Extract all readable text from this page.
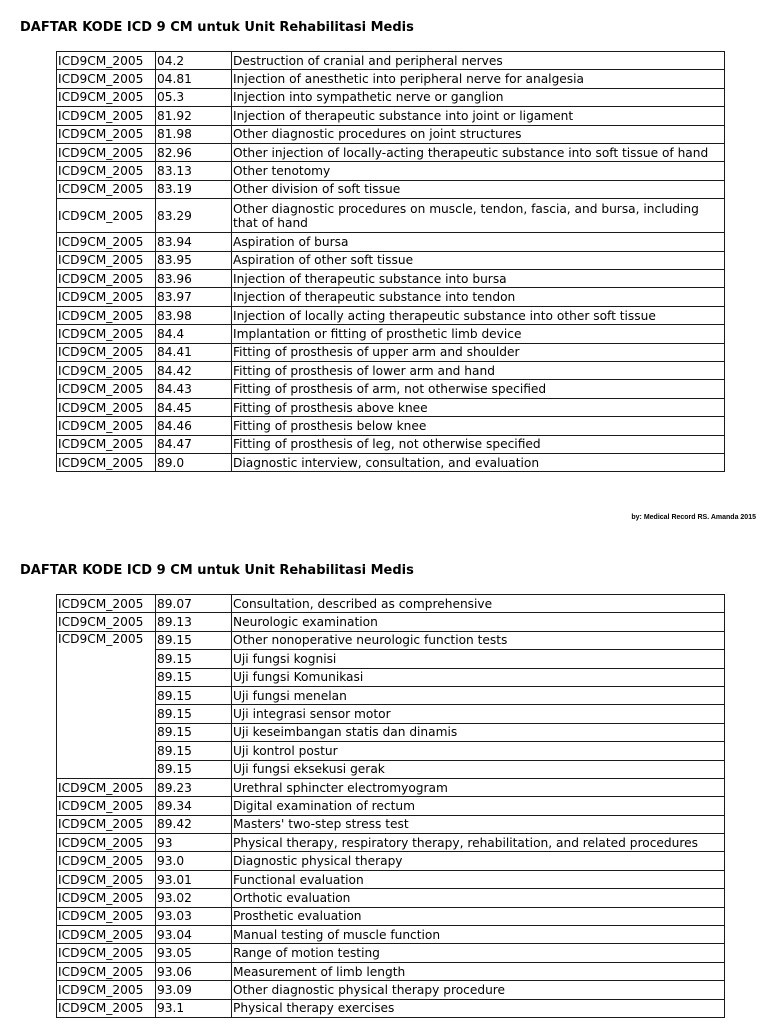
DAFTAR KODE ICD 9 CM untuk Unit Rehabilitasi Medis
ICD9CM_2005	04.2	Destruction of cranial and peripheral nerves
ICD9CM_2005	04.81	Injection of anesthetic into peripheral nerve for analgesia
ICD9CM_2005	05.3	Injection into sympathetic nerve or ganglion
ICD9CM_2005	81.92	Injection of therapeutic substance into joint or ligament
ICD9CM_2005	81.98	Other diagnostic procedures on joint structures
ICD9CM_2005	82.96	Other injection of locally-acting therapeutic substance into soft tissue of hand
ICD9CM_2005	83.13	Other tenotomy
ICD9CM_2005	83.19	Other division of soft tissue
ICD9CM_2005	83.29	Other diagnostic procedures on muscle, tendon, fascia, and bursa, including that of hand
ICD9CM_2005	83.94	Aspiration of bursa
ICD9CM_2005	83.95	Aspiration of other soft tissue
ICD9CM_2005	83.96	Injection of therapeutic substance into bursa
ICD9CM_2005	83.97	Injection of therapeutic substance into tendon
ICD9CM_2005	83.98	Injection of locally acting therapeutic substance into other soft tissue
ICD9CM_2005	84.4	Implantation or fitting of prosthetic limb device
ICD9CM_2005	84.41	Fitting of prosthesis of upper arm and shoulder
ICD9CM_2005	84.42	Fitting of prosthesis of lower arm and hand
ICD9CM_2005	84.43	Fitting of prosthesis of arm, not otherwise specified
ICD9CM_2005	84.45	Fitting of prosthesis above knee
ICD9CM_2005	84.46	Fitting of prosthesis below knee
ICD9CM_2005	84.47	Fitting of prosthesis of leg, not otherwise specified
ICD9CM_2005	89.0	Diagnostic interview, consultation, and evaluation

by: Medical Record RS. Amanda 2015

DAFTAR KODE ICD 9 CM untuk Unit Rehabilitasi Medis
ICD9CM_2005	89.07	Consultation, described as comprehensive
ICD9CM_2005	89.13	Neurologic examination
ICD9CM_2005	89.15	Other nonoperative neurologic function tests
	89.15	Uji fungsi kognisi
	89.15	Uji fungsi Komunikasi
	89.15	Uji fungsi menelan
	89.15	Uji integrasi sensor motor
	89.15	Uji keseimbangan statis dan dinamis
	89.15	Uji kontrol postur
	89.15	Uji fungsi eksekusi gerak
ICD9CM_2005	89.23	Urethral sphincter electromyogram
ICD9CM_2005	89.34	Digital examination of rectum
ICD9CM_2005	89.42	Masters' two-step stress test
ICD9CM_2005	93	Physical therapy, respiratory therapy, rehabilitation, and related procedures
ICD9CM_2005	93.0	Diagnostic physical therapy
ICD9CM_2005	93.01	Functional evaluation
ICD9CM_2005	93.02	Orthotic evaluation
ICD9CM_2005	93.03	Prosthetic evaluation
ICD9CM_2005	93.04	Manual testing of muscle function
ICD9CM_2005	93.05	Range of motion testing
ICD9CM_2005	93.06	Measurement of limb length
ICD9CM_2005	93.09	Other diagnostic physical therapy procedure
ICD9CM_2005	93.1	Physical therapy exercises
